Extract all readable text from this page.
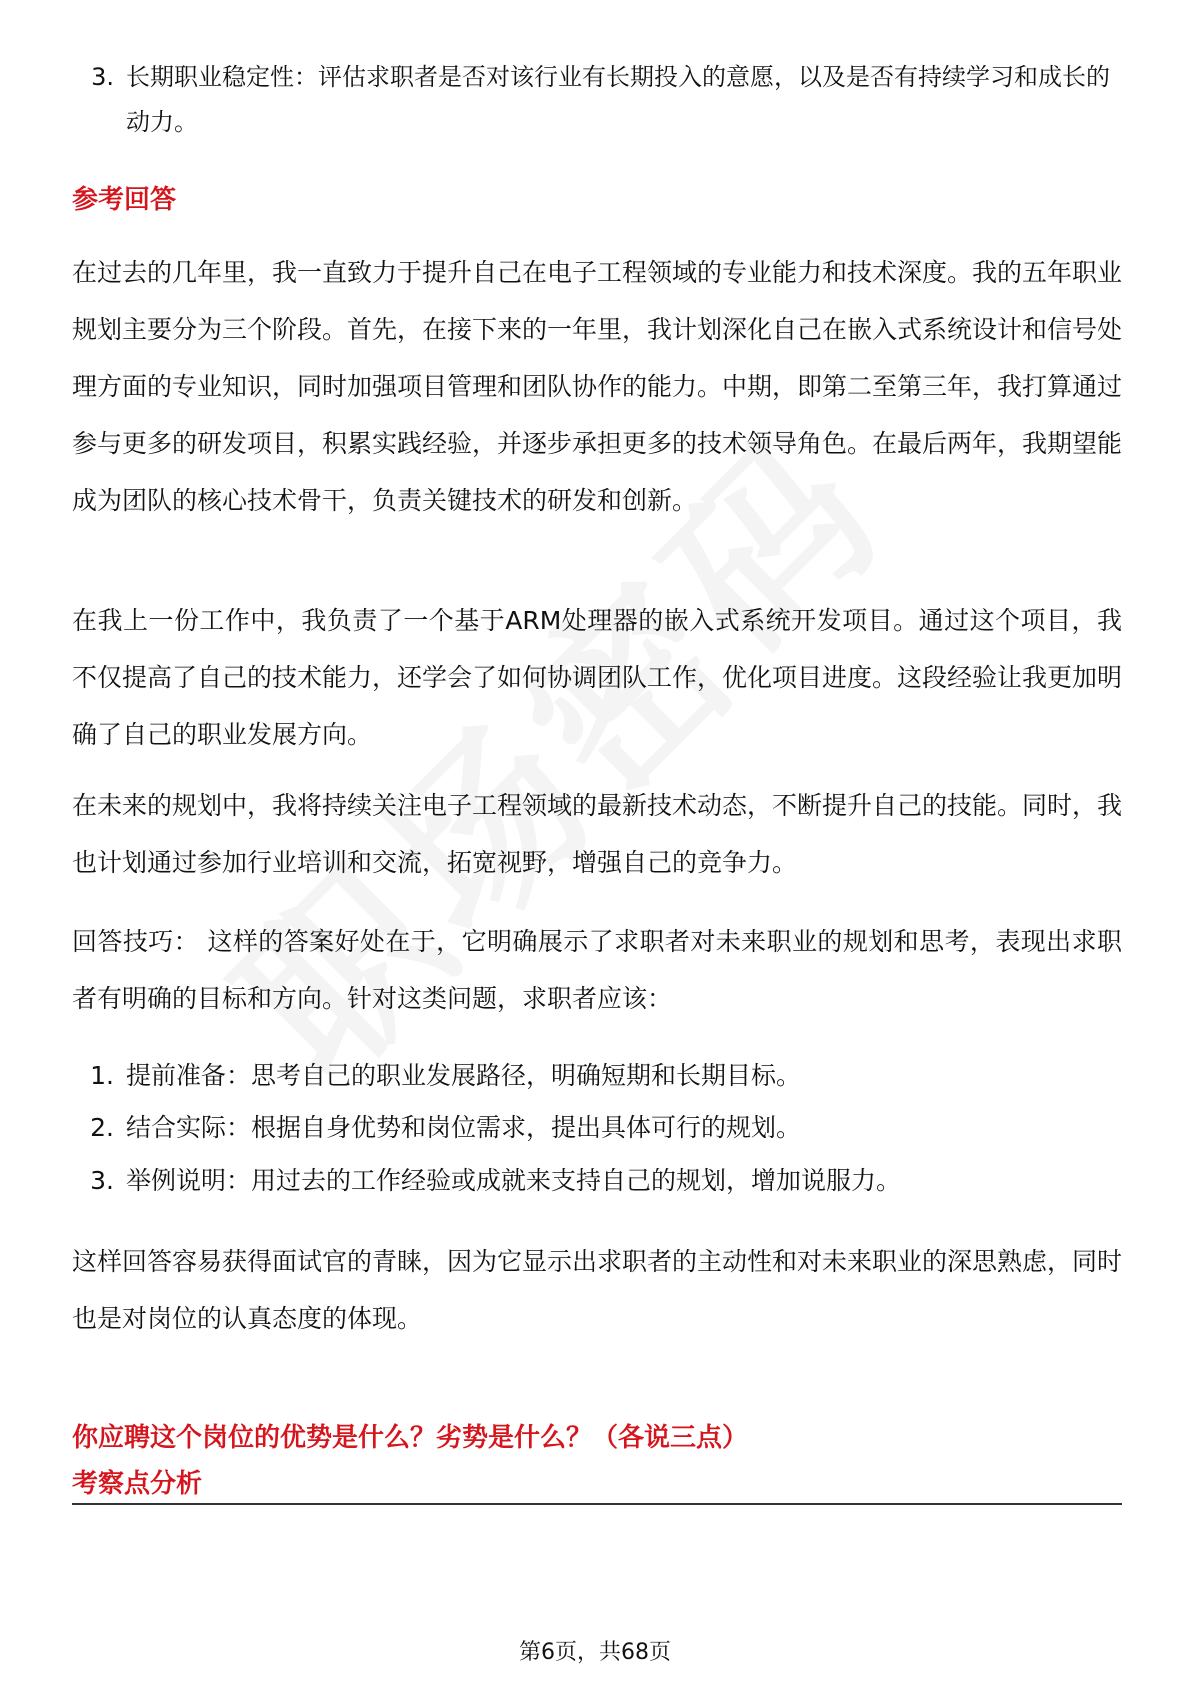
3. 长期职业稳定性：评估求职者是否对该行业有长期投入的意愿，以及是否有持续学习和成长的动力。
参考回答
在过去的几年里，我一直致力于提升自己在电子工程领域的专业能力和技术深度。我的五年职业规划主要分为三个阶段。首先，在接下来的一年里，我计划深化自己在嵌入式系统设计和信号处理方面的专业知识，同时加强项目管理和团队协作的能力。中期，即第二至第三年，我打算通过参与更多的研发项目，积累实践经验，并逐步承担更多的技术领导角色。在最后两年，我期望能成为团队的核心技术骨干，负责关键技术的研发和创新。
在我上一份工作中，我负责了一个基于ARM处理器的嵌入式系统开发项目。通过这个项目，我不仅提高了自己的技术能力，还学会了如何协调团队工作，优化项目进度。这段经验让我更加明确了自己的职业发展方向。
在未来的规划中，我将持续关注电子工程领域的最新技术动态，不断提升自己的技能。同时，我也计划通过参加行业培训和交流，拓宽视野，增强自己的竞争力。
回答技巧： 这样的答案好处在于，它明确展示了求职者对未来职业的规划和思考，表现出求职者有明确的目标和方向。针对这类问题，求职者应该：
1. 提前准备：思考自己的职业发展路径，明确短期和长期目标。
2. 结合实际：根据自身优势和岗位需求，提出具体可行的规划。
3. 举例说明：用过去的工作经验或成就来支持自己的规划，增加说服力。
这样回答容易获得面试官的青睐，因为它显示出求职者的主动性和对未来职业的深思熟虑，同时也是对岗位的认真态度的体现。
你应聘这个岗位的优势是什么？劣势是什么？（各说三点）
考察点分析
第6页，共68页
